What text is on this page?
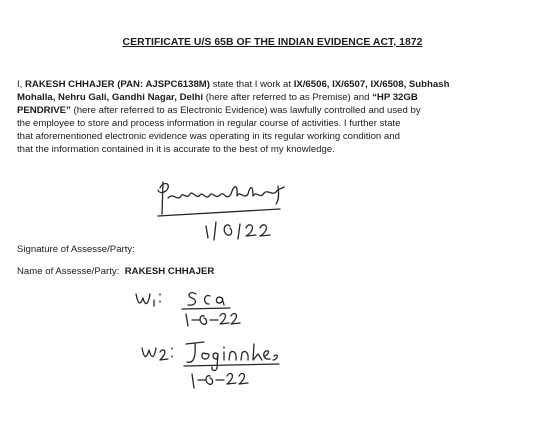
CERTIFICATE U/S 65B OF THE INDIAN EVIDENCE ACT, 1872
I, RAKESH CHHAJER (PAN: AJSPC6138M) state that I work at IX/6506, IX/6507, IX/6508, Subhash
Mohalla, Nehru Gali, Gandhi Nagar, Delhi (here after referred to as Premise) and “HP 32GB
PENDRIVE” (here after referred to as Electronic Evidence) was lawfully controlled and used by
the employee to store and process information in regular course of activities. I further state
that aforementioned electronic evidence was operating in its regular working condition and
that the information contained in it is accurate to the best of my knowledge.
Signature of Assesse/Party:
Name of Assesse/Party: RAKESH CHHAJER
